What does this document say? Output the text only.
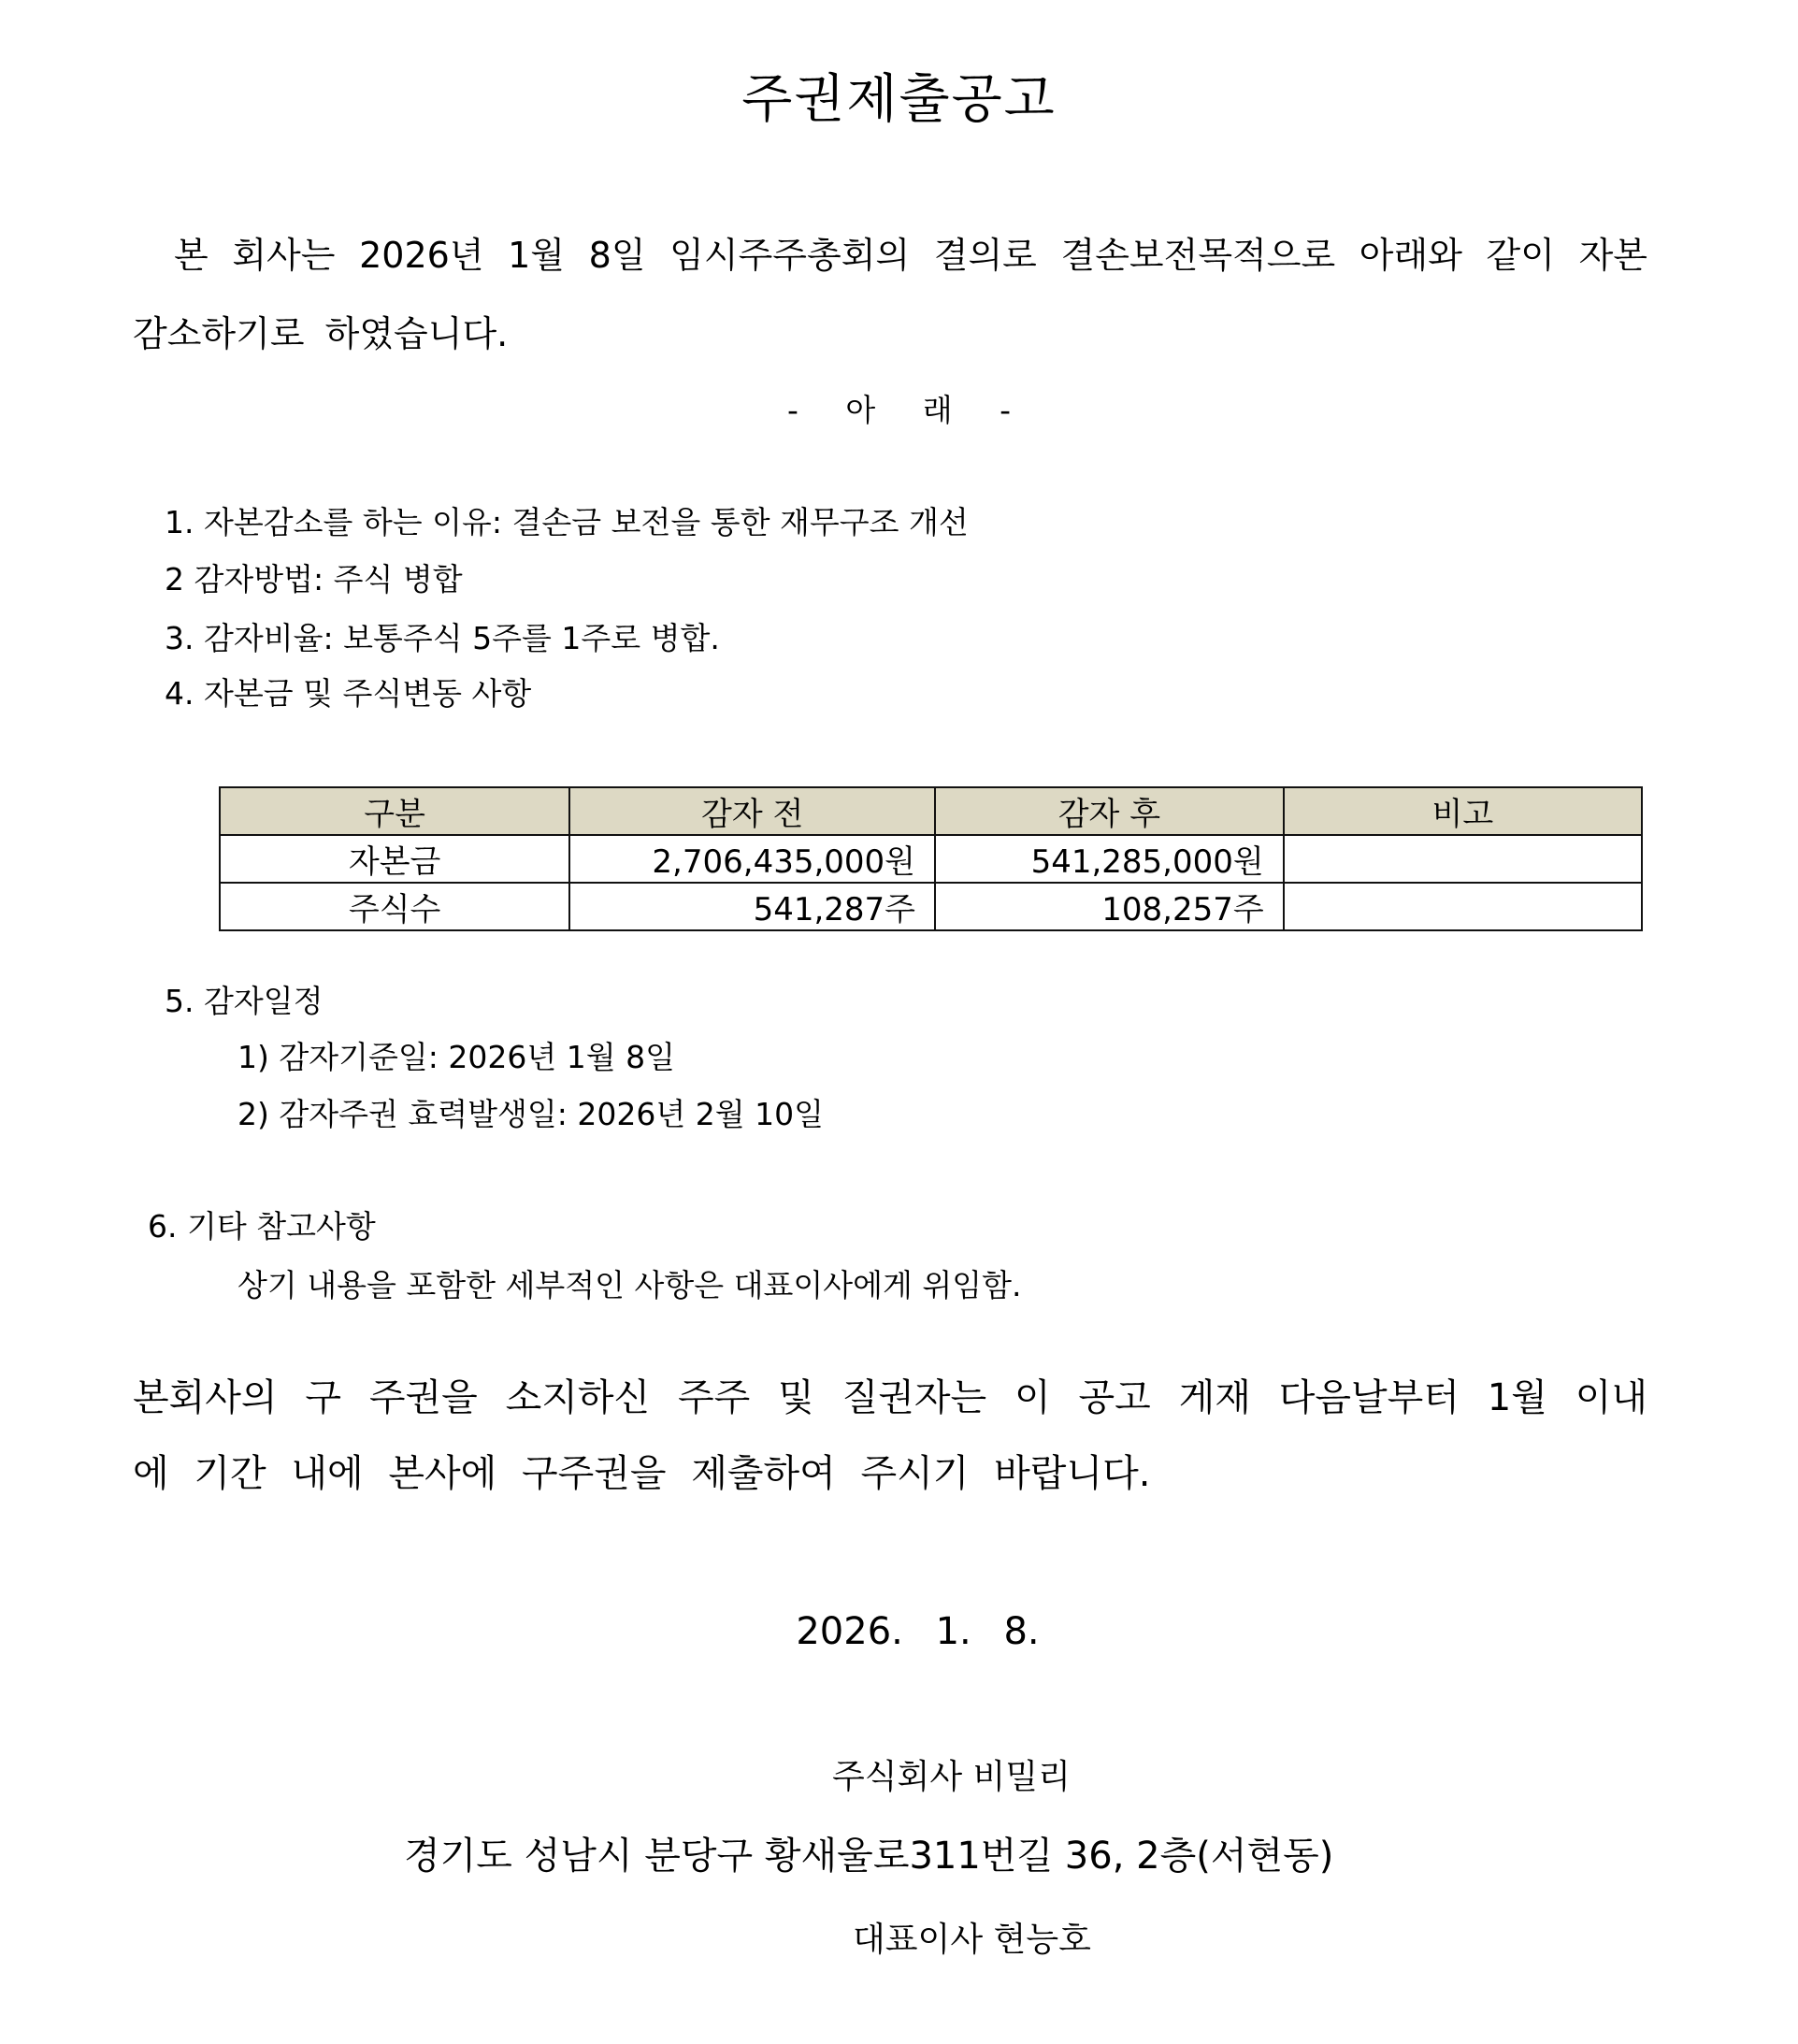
주권제출공고
본 회사는 2026년 1월 8일 임시주주총회의 결의로 결손보전목적으로 아래와 같이 자본감소하기로 하였습니다.
- 아 래 -
1. 자본감소를 하는 이유: 결손금 보전을 통한 재무구조 개선
2 감자방법: 주식 병합
3. 감자비율: 보통주식 5주를 1주로 병합.
4. 자본금 및 주식변동 사항
구분	감자 전	감자 후	비고
자본금	2,706,435,000원	541,285,000원	
주식수	541,287주	108,257주	
5. 감자일정
1) 감자기준일: 2026년 1월 8일
2) 감자주권 효력발생일: 2026년 2월 10일
6. 기타 참고사항
상기 내용을 포함한 세부적인 사항은 대표이사에게 위임함.
본회사의 구 주권을 소지하신 주주 및 질권자는 이 공고 게재 다음날부터 1월 이내에 기간 내에 본사에 구주권을 제출하여 주시기 바랍니다.
2026. 1. 8.
주식회사 비밀리
경기도 성남시 분당구 황새울로311번길 36, 2층(서현동)
대표이사 현능호
